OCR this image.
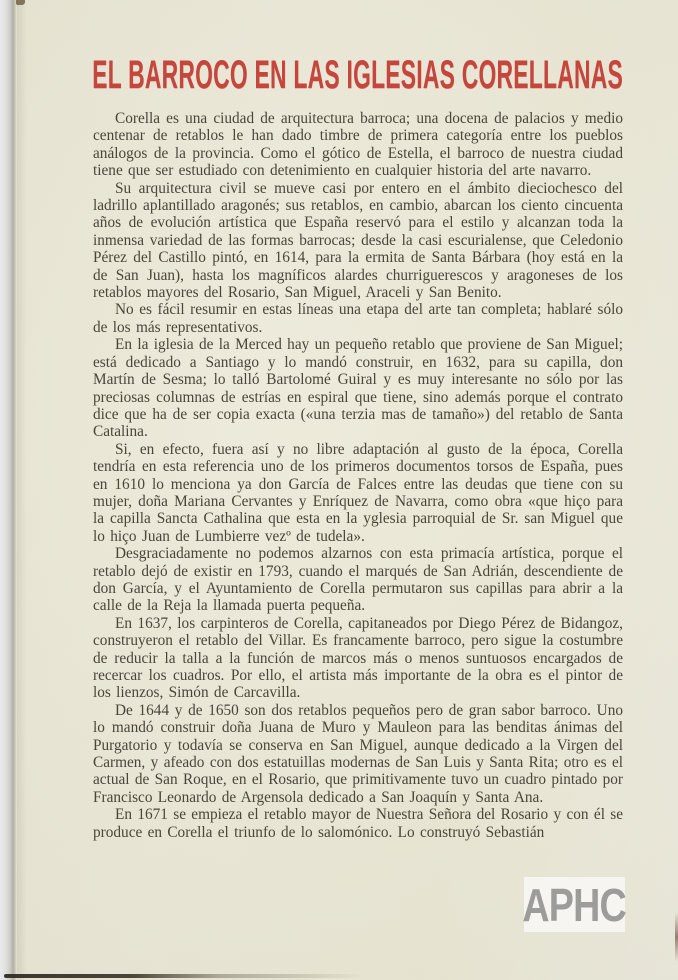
EL BARROCO EN LAS IGLESIAS CORELLANAS

Corella es una ciudad de arquitectura barroca; una docena de palacios y medio centenar de retablos le han dado timbre de primera categoría entre los pueblos análogos de la provincia. Como el gótico de Estella, el barroco de nuestra ciudad tiene que ser estudiado con detenimiento en cualquier historia del arte navarro.

Su arquitectura civil se mueve casi por entero en el ámbito dieciochesco del ladrillo aplantillado aragonés; sus retablos, en cambio, abarcan los ciento cincuenta años de evolución artística que España reservó para el estilo y alcanzan toda la inmensa variedad de las formas barrocas; desde la casi escurialense, que Celedonio Pérez del Castillo pintó, en 1614, para la ermita de Santa Bárbara (hoy está en la de San Juan), hasta los magníficos alardes churriguerescos y aragoneses de los retablos mayores del Rosario, San Miguel, Araceli y San Benito.

No es fácil resumir en estas líneas una etapa del arte tan completa; hablaré sólo de los más representativos.

En la iglesia de la Merced hay un pequeño retablo que proviene de San Miguel; está dedicado a Santiago y lo mandó construir, en 1632, para su capilla, don Martín de Sesma; lo talló Bartolomé Guiral y es muy interesante no sólo por las preciosas columnas de estrías en espiral que tiene, sino además porque el contrato dice que ha de ser copia exacta («una terzia mas de tamaño») del retablo de Santa Catalina.

Si, en efecto, fuera así y no libre adaptación al gusto de la época, Corella tendría en esta referencia uno de los primeros documentos torsos de España, pues en 1610 lo menciona ya don García de Falces entre las deudas que tiene con su mujer, doña Mariana Cervantes y Enríquez de Navarra, como obra «que hiço para la capilla Sancta Cathalina que esta en la yglesia parroquial de Sr. san Miguel que lo hiço Juan de Lumbierre vezº de tudela».

Desgraciadamente no podemos alzarnos con esta primacía artística, porque el retablo dejó de existir en 1793, cuando el marqués de San Adrián, descendiente de don García, y el Ayuntamiento de Corella permutaron sus capillas para abrir a la calle de la Reja la llamada puerta pequeña.

En 1637, los carpinteros de Corella, capitaneados por Diego Pérez de Bidangoz, construyeron el retablo del Villar. Es francamente barroco, pero sigue la costumbre de reducir la talla a la función de marcos más o menos suntuosos encargados de recercar los cuadros. Por ello, el artista más importante de la obra es el pintor de los lienzos, Simón de Carcavilla.

De 1644 y de 1650 son dos retablos pequeños pero de gran sabor barroco. Uno lo mandó construir doña Juana de Muro y Mauleon para las benditas ánimas del Purgatorio y todavía se conserva en San Miguel, aunque dedicado a la Virgen del Carmen, y afeado con dos estatuillas modernas de San Luis y Santa Rita; otro es el actual de San Roque, en el Rosario, que primitivamente tuvo un cuadro pintado por Francisco Leonardo de Argensola dedicado a San Joaquín y Santa Ana.

En 1671 se empieza el retablo mayor de Nuestra Señora del Rosario y con él se produce en Corella el triunfo de lo salomónico. Lo construyó Sebastián

APHC
